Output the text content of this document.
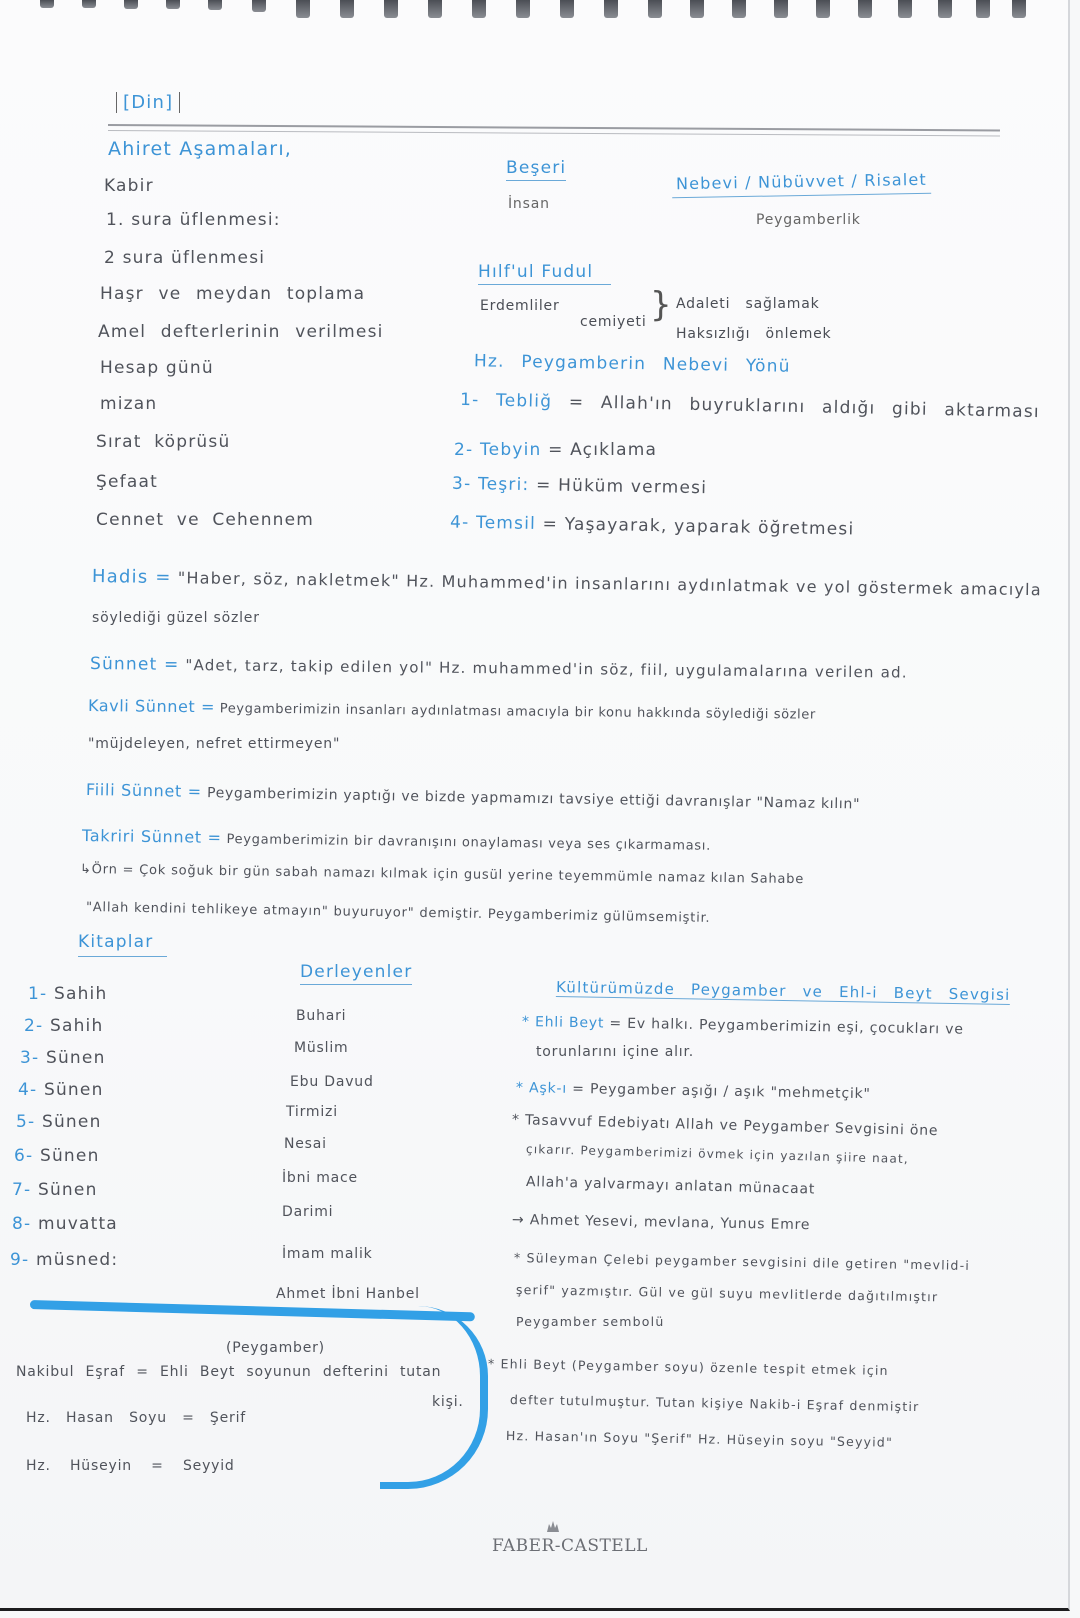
[Din]
Ahiret Aşamaları,
Kabir
1. sura üflenmesi:
2 sura üflenmesi
Haşr ve meydan toplama
Amel defterlerinin verilmesi
Hesap günü
mizan
Sırat köprüsü
Şefaat
Cennet ve Cehennem
Beşeri
İnsan
Nebevi / Nübüvvet / Risalet
Peygamberlik
Hılf'ul Fudul
Erdemliler
cemiyeti } Adaleti sağlamak
Haksızlığı önlemek
Hz. Peygamberin Nebevi Yönü
1- Tebliğ = Allah'ın buyruklarını aldığı gibi aktarması
2- Tebyin = Açıklama
3- Teşri: = Hüküm vermesi
4- Temsil = Yaşayarak, yaparak öğretmesi
Hadis = "Haber, söz, nakletmek" Hz. Muhammed'in insanlarını aydınlatmak ve yol göstermek amacıyla
söylediği güzel sözler
Sünnet = "Adet, tarz, takip edilen yol" Hz. muhammed'in söz, fiil, uygulamalarına verilen ad.
Kavli Sünnet = Peygamberimizin insanları aydınlatması amacıyla bir konu hakkında söylediği sözler
"müjdeleyen, nefret ettirmeyen"
Fiili Sünnet = Peygamberimizin yaptığı ve bizde yapmamızı tavsiye ettiği davranışlar "Namaz kılın"
Takriri Sünnet = Peygamberimizin bir davranışını onaylaması veya ses çıkarmaması.
↳Örn = Çok soğuk bir gün sabah namazı kılmak için gusül yerine teyemmümle namaz kılan Sahabe
"Allah kendini tehlikeye atmayın" buyuruyor" demiştir. Peygamberimiz gülümsemiştir.
Kitaplar
1- Sahih
2- Sahih
3- Sünen
4- Sünen
5- Sünen
6- Sünen
7- Sünen
8- muvatta
9- müsned:
Derleyenler
Buhari
Müslim
Ebu Davud
Tirmizi
Nesai
İbni mace
Darimi
İmam malik
Ahmet İbni Hanbel
Kültürümüzde Peygamber ve Ehl-i Beyt Sevgisi
* Ehli Beyt = Ev halkı. Peygamberimizin eşi, çocukları ve
torunlarını içine alır.
* Aşk-ı = Peygamber aşığı / aşık "mehmetçik"
* Tasavvuf Edebiyatı Allah ve Peygamber Sevgisini öne
çıkarır. Peygamberimizi övmek için yazılan şiire naat,
Allah'a yalvarmayı anlatan münacaat
→ Ahmet Yesevi, mevlana, Yunus Emre
* Süleyman Çelebi peygamber sevgisini dile getiren "mevlid-i
şerif" yazmıştır. Gül ve gül suyu mevlitlerde dağıtılmıştır
Peygamber sembolü
* Ehli Beyt (Peygamber soyu) özenle tespit etmek için
defter tutulmuştur. Tutan kişiye Nakib-i Eşraf denmiştir
Hz. Hasan'ın Soyu "Şerif" Hz. Hüseyin soyu "Seyyid"
(Peygamber)
Nakibul Eşraf = Ehli Beyt soyunun defterini tutan
kişi.
Hz. Hasan Soyu = Şerif
Hz. Hüseyin = Seyyid
FABER-CASTELL
